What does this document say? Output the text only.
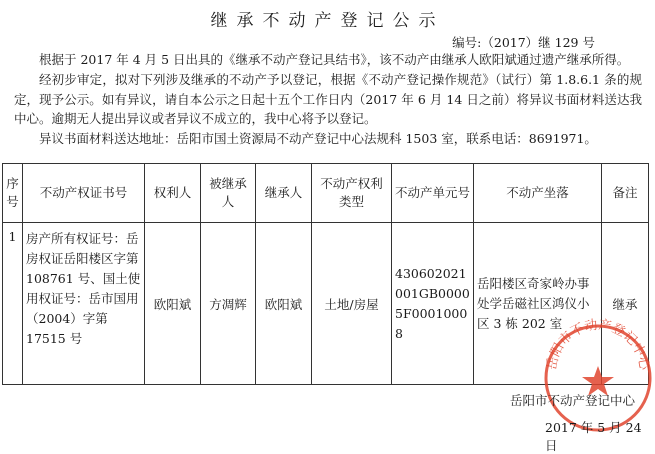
继承不动产登记公示
编号:（2017）继 129 号
根据于 2017 年 4 月 5 日出具的《继承不动产登记具结书》，该不动产由继承人欧阳斌通过遗产继承所得。
经初步审定，拟对下列涉及继承的不动产予以登记，根据《不动产登记操作规范》（试行）第 1.8.6.1 条的规定，现予公示。如有异议，请自本公示之日起十五个工作日内（2017 年 6 月 14 日之前）将异议书面材料送达我中心。逾期无人提出异议或者异议不成立的，我中心将予以登记。
异议书面材料送达地址：岳阳市国土资源局不动产登记中心法规科 1503 室，联系电话：8691971。
序号	不动产权证书号	权利人	被继承人	继承人	不动产权利类型	不动产单元号	不动产坐落	备注
1	房产所有权证号：岳房权证岳阳楼区字第 108761 号、国土使用权证号：岳市国用（2004）字第 17515 号	欧阳斌	方凋辉	欧阳斌	土地/房屋	430602021001GB00005F00010008	岳阳楼区奇家岭办事处学岳磁社区鸿仪小区 3 栋 202 室	继承
岳阳市不动产登记中心
岳阳市不动产登记中心
2017 年 5 月 24 日
